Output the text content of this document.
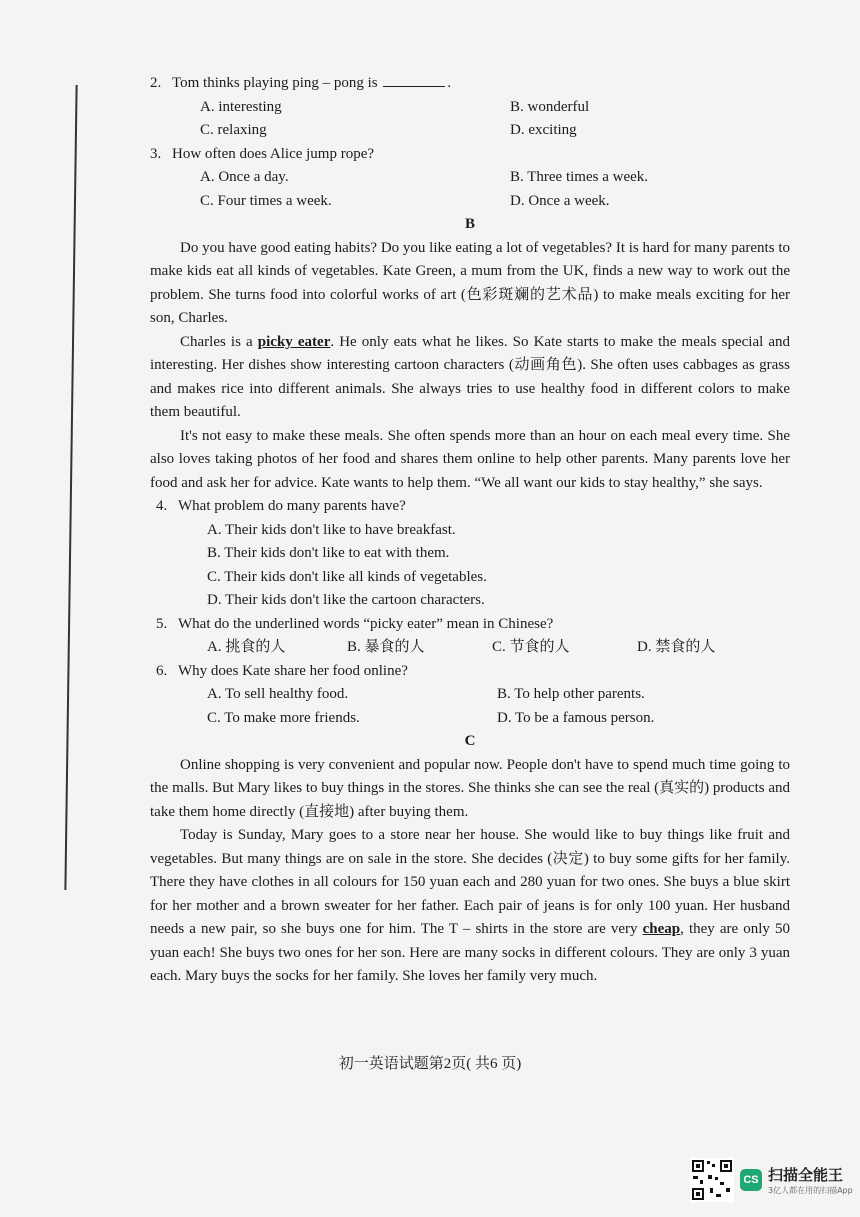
2. Tom thinks playing ping – pong is	.

A. interesting	B. wonderful
C. relaxing	D. exciting

3. How often does Alice jump rope?

A. Once a day.	B. Three times a week.
C. Four times a week.	D. Once a week.

B

Do you have good eating habits? Do you like eating a lot of vegetables? It is hard for many parents to make kids eat all kinds of vegetables. Kate Green, a mum from the UK, finds a new way to work out the problem. She turns food into colorful works of art (色彩斑斓的艺术品) to make meals exciting for her son, Charles.

Charles is a picky eater. He only eats what he likes. So Kate starts to make the meals special and interesting. Her dishes show interesting cartoon characters (动画角色). She often uses cabbages as grass and makes rice into different animals. She always tries to use healthy food in different colors to make them beautiful.

It's not easy to make these meals. She often spends more than an hour on each meal every time. She also loves taking photos of her food and shares them online to help other parents. Many parents love her food and ask her for advice. Kate wants to help them. “We all want our kids to stay healthy,” she says.

4. What problem do many parents have?

A. Their kids don't like to have breakfast.
B. Their kids don't like to eat with them.
C. Their kids don't like all kinds of vegetables.
D. Their kids don't like the cartoon characters.

5. What do the underlined words “picky eater” mean in Chinese?

A. 挑食的人	B. 暴食的人	C. 节食的人	D. 禁食的人

6. Why does Kate share her food online?

A. To sell healthy food.	B. To help other parents.
C. To make more friends.	D. To be a famous person.

C

Online shopping is very convenient and popular now. People don't have to spend much time going to the malls. But Mary likes to buy things in the stores. She thinks she can see the real (真实的) products and take them home directly (直接地) after buying them.

Today is Sunday, Mary goes to a store near her house. She would like to buy things like fruit and vegetables. But many things are on sale in the store. She decides (决定) to buy some gifts for her family. There they have clothes in all colours for 150 yuan each and 280 yuan for two ones. She buys a blue skirt for her mother and a brown sweater for her father. Each pair of jeans is for only 100 yuan. Her husband needs a new pair, so she buys one for him. The T – shirts in the store are very cheap, they are only 50 yuan each! She buys two ones for her son. Here are many socks in different colours. They are only 3 yuan each. Mary buys the socks for her family. She loves her family very much.

初一英语试题第2页( 共6 页)
CS 扫描全能王
3亿人都在用的扫描App
